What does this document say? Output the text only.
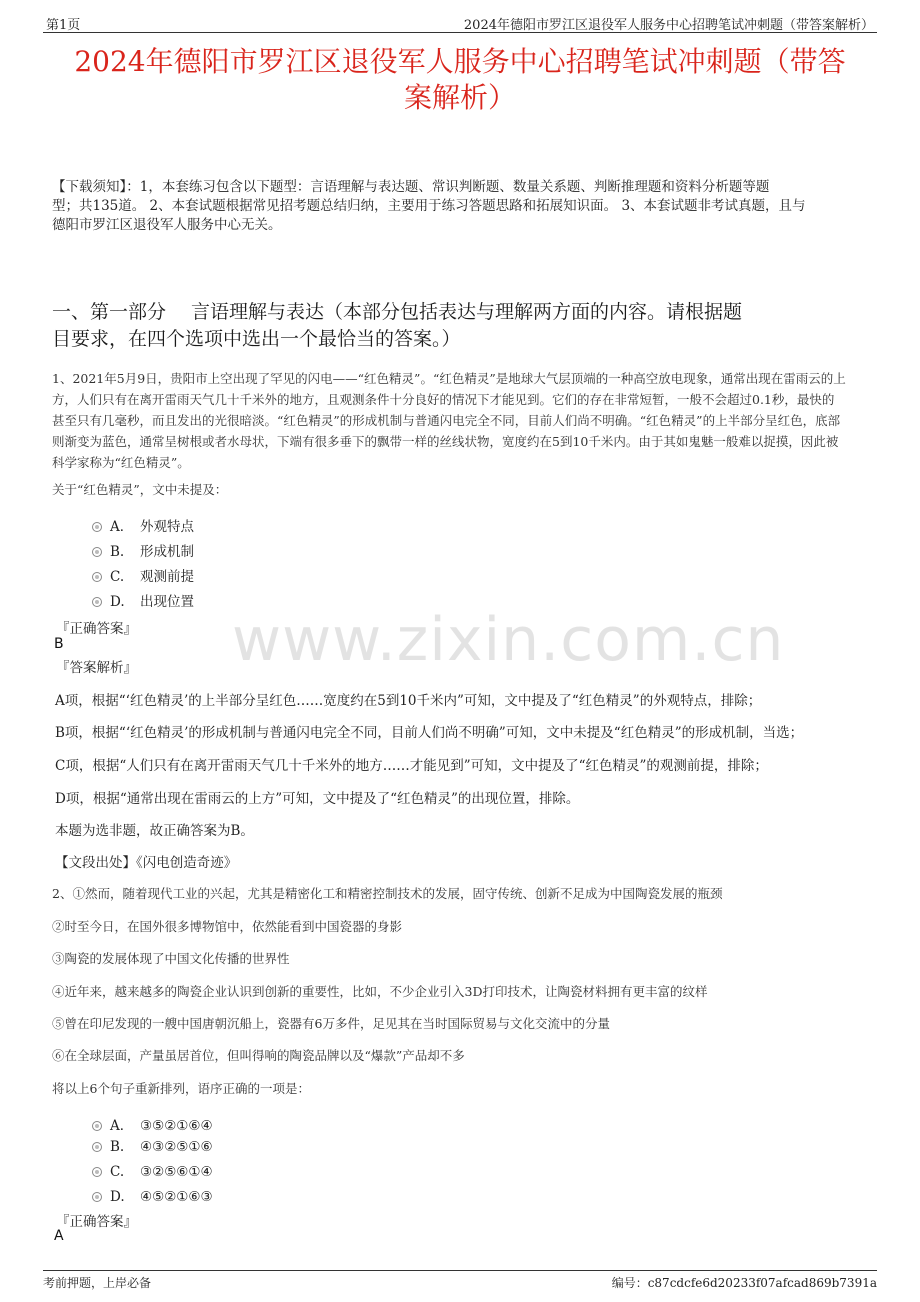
第1页	2024年德阳市罗江区退役军人服务中心招聘笔试冲刺题（带答案解析）
2024年德阳市罗江区退役军人服务中心招聘笔试冲刺题（带答
案解析）
【下载须知】：1，本套练习包含以下题型：言语理解与表达题、常识判断题、数量关系题、判断推理题和资料分析题等题
型；共135道。 2、本套试题根据常见招考题总结归纳，主要用于练习答题思路和拓展知识面。 3、本套试题非考试真题，且与
德阳市罗江区退役军人服务中心无关。
一、第一部分　 言语理解与表达（本部分包括表达与理解两方面的内容。请根据题
目要求，在四个选项中选出一个最恰当的答案。）
1、2021年5月9日，贵阳市上空出现了罕见的闪电——“红色精灵”。“红色精灵”是地球大气层顶端的一种高空放电现象，通常出现在雷雨云的上
方，人们只有在离开雷雨天气几十千米外的地方，且观测条件十分良好的情况下才能见到。它们的存在非常短暂，一般不会超过0.1秒，最快的
甚至只有几毫秒，而且发出的光很暗淡。“红色精灵”的形成机制与普通闪电完全不同，目前人们尚不明确。“红色精灵”的上半部分呈红色，底部
则渐变为蓝色，通常呈树根或者水母状，下端有很多垂下的飘带一样的丝线状物，宽度约在5到10千米内。由于其如鬼魅一般难以捉摸，因此被
科学家称为“红色精灵”。
关于“红色精灵”，文中未提及：
A． 外观特点
B. 形成机制
C. 观测前提
D. 出现位置
『正确答案』
B
『答案解析』
A项，根据“‘红色精灵’的上半部分呈红色……宽度约在5到10千米内”可知，文中提及了“红色精灵”的外观特点，排除；
B项，根据“‘红色精灵’的形成机制与普通闪电完全不同，目前人们尚不明确”可知，文中未提及“红色精灵”的形成机制，当选；
C项，根据“人们只有在离开雷雨天气几十千米外的地方……才能见到”可知，文中提及了“红色精灵”的观测前提，排除；
D项，根据“通常出现在雷雨云的上方”可知，文中提及了“红色精灵”的出现位置，排除。
本题为选非题，故正确答案为B。
【文段出处】《闪电创造奇迹》
2、①然而，随着现代工业的兴起，尤其是精密化工和精密控制技术的发展，固守传统、创新不足成为中国陶瓷发展的瓶颈
②时至今日，在国外很多博物馆中，依然能看到中国瓷器的身影
③陶瓷的发展体现了中国文化传播的世界性
④近年来，越来越多的陶瓷企业认识到创新的重要性，比如，不少企业引入3D打印技术，让陶瓷材料拥有更丰富的纹样
⑤曾在印尼发现的一艘中国唐朝沉船上，瓷器有6万多件，足见其在当时国际贸易与文化交流中的分量
⑥在全球层面，产量虽居首位，但叫得响的陶瓷品牌以及“爆款”产品却不多
将以上6个句子重新排列，语序正确的一项是：
A． ③⑤②①⑥④
B. ④③②⑤①⑥
C. ③②⑤⑥①④
D. ④⑤②①⑥③
『正确答案』
A
www.zixin.com.cn
考前押题，上岸必备	编号：c87cdcfe6d20233f07afcad869b7391a
